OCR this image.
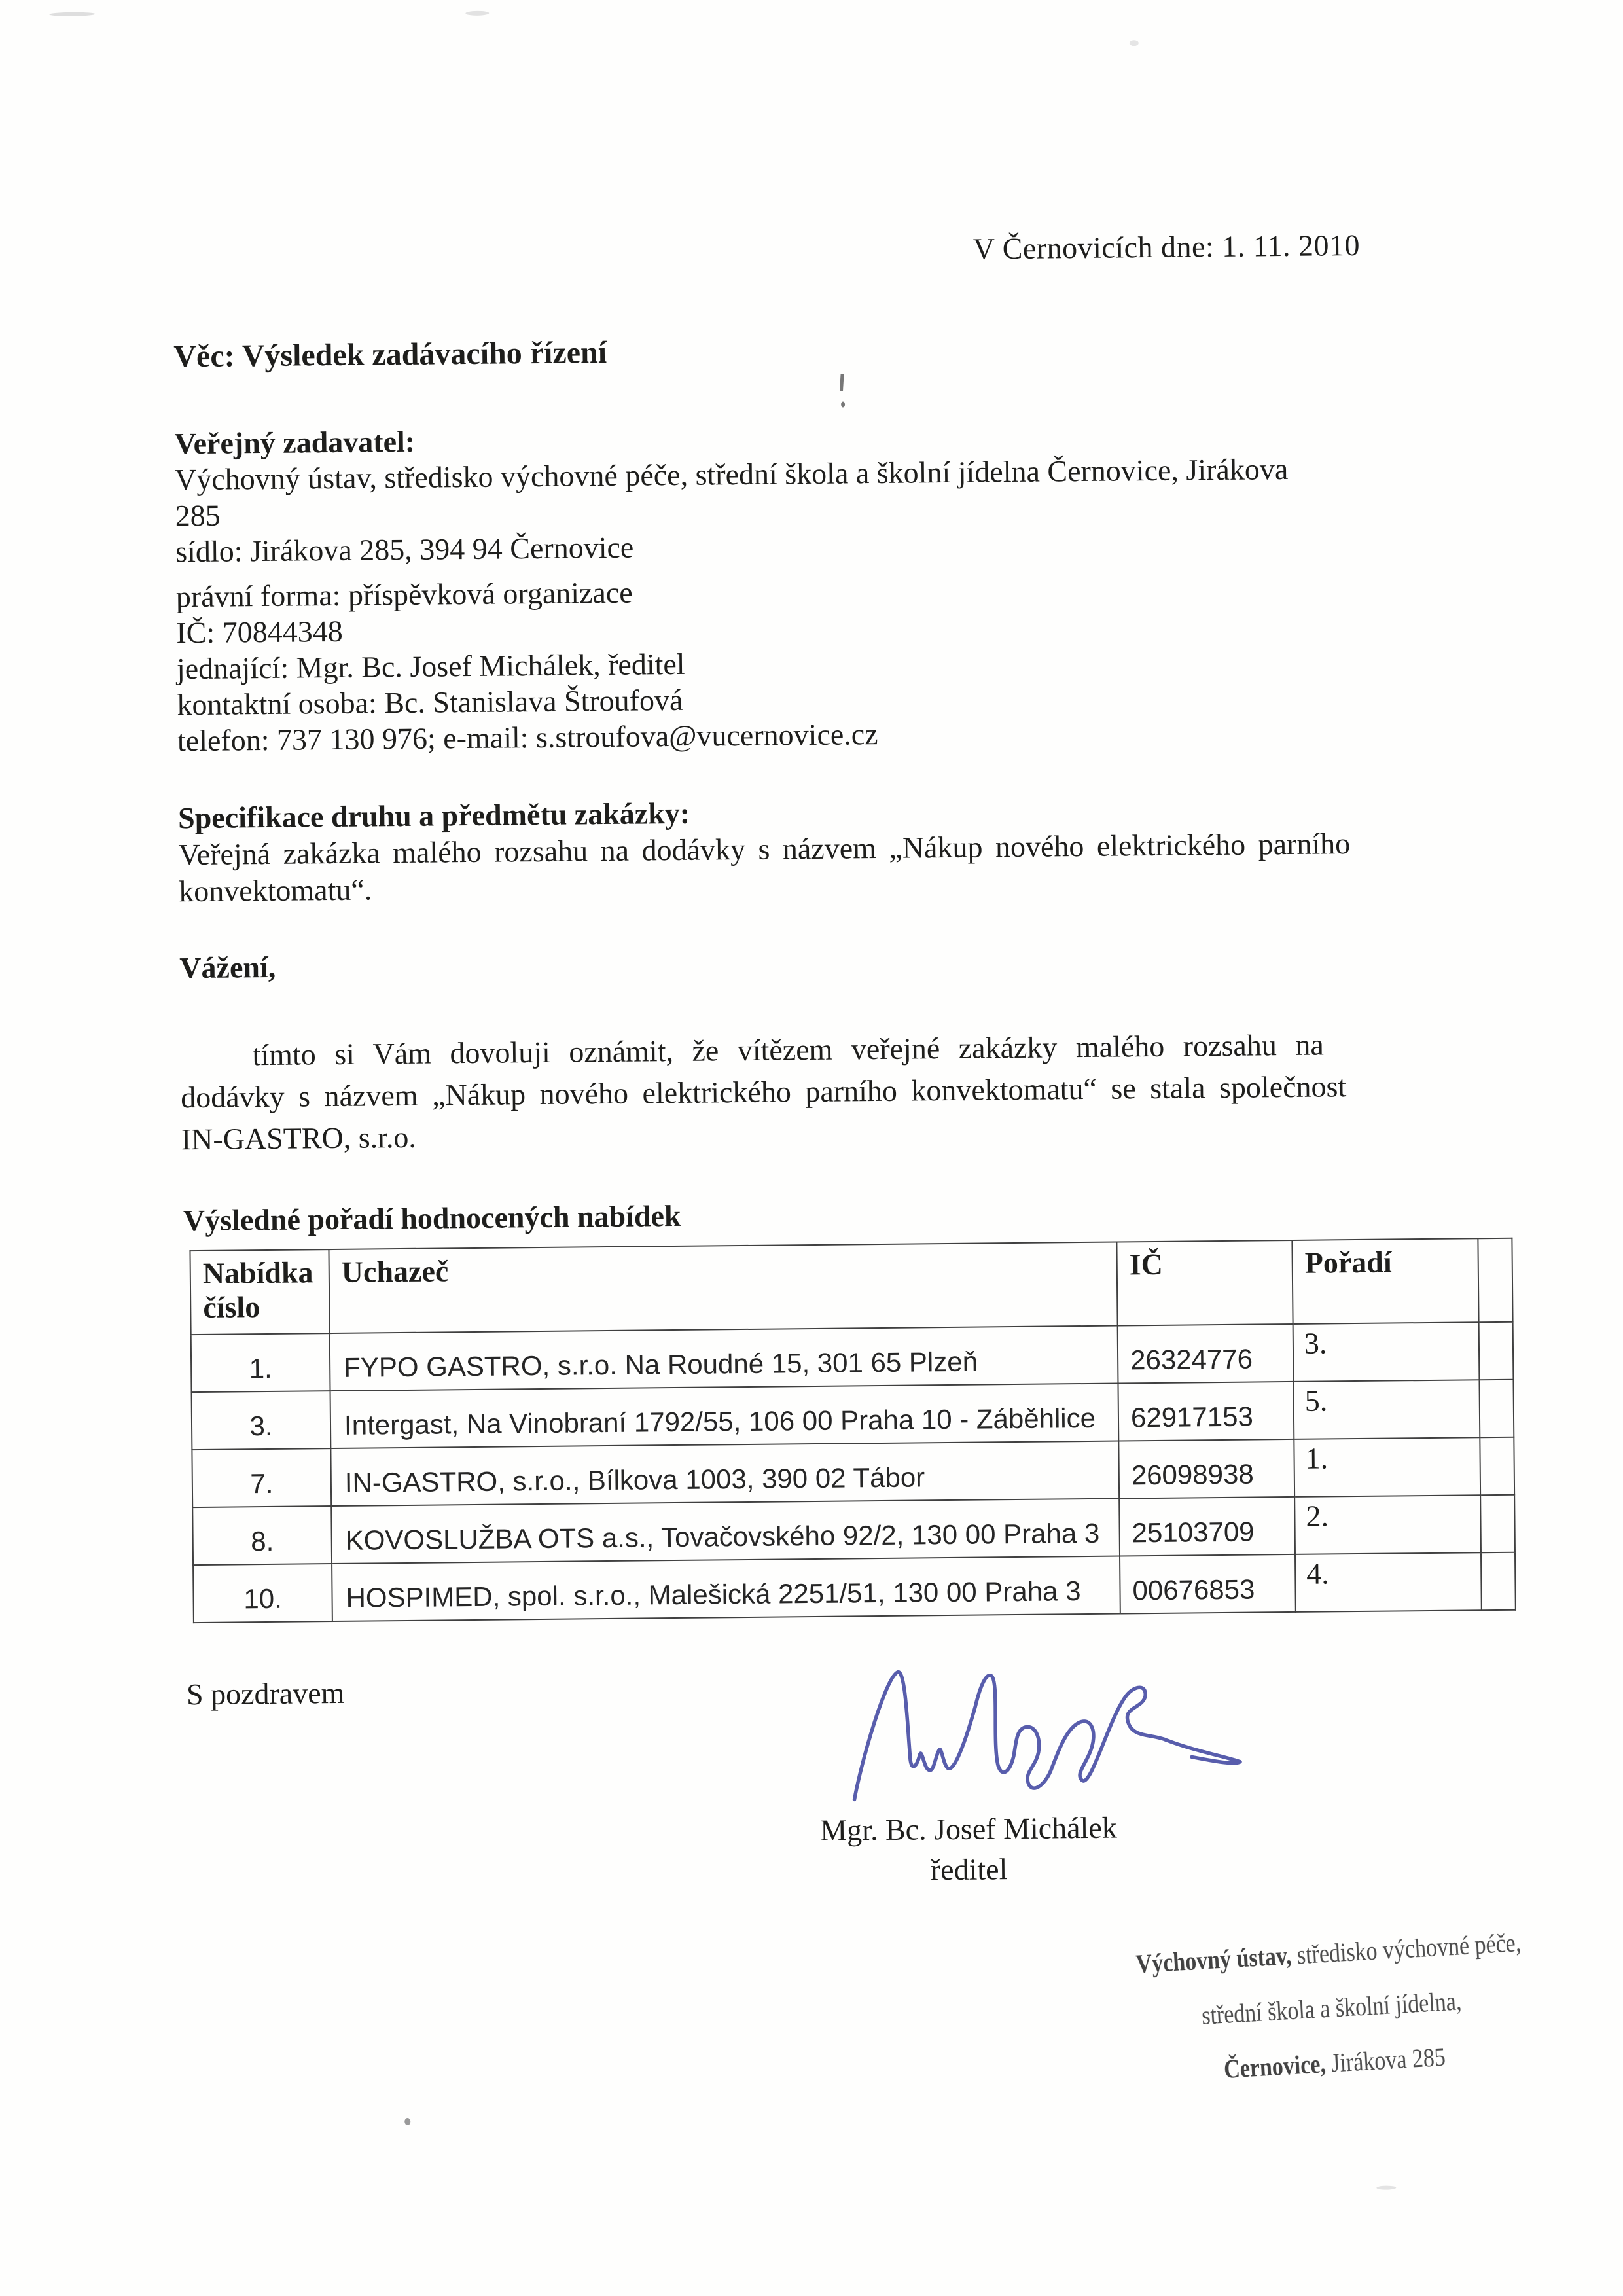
V Černovicích dne: 1. 11. 2010
Věc: Výsledek zadávacího řízení
Veřejný zadavatel:
Výchovný ústav, středisko výchovné péče, střední škola a školní jídelna Černovice, Jirákova
285
sídlo: Jirákova 285, 394 94 Černovice
právní forma: příspěvková organizace
IČ: 70844348
jednající: Mgr. Bc. Josef Michálek, ředitel
kontaktní osoba: Bc. Stanislava Štroufová
telefon: 737 130 976; e-mail: s.stroufova@vucernovice.cz
Specifikace druhu a předmětu zakázky:
Veřejná zakázka malého rozsahu na dodávky s názvem „Nákup nového elektrického parního
konvektomatu“.
Vážení,
tímto si Vám dovoluji oznámit, že vítězem veřejné zakázky malého rozsahu na
dodávky s názvem „Nákup nového elektrického parního konvektomatu“ se stala společnost
IN-GASTRO, s.r.o.
Výsledné pořadí hodnocených nabídek
Nabídka číslo	Uchazeč	IČ	Pořadí	
1.	FYPO GASTRO, s.r.o. Na Roudné 15, 301 65 Plzeň	26324776	3.	
3.	Intergast, Na Vinobraní 1792/55, 106 00 Praha 10 - Záběhlice	62917153	5.	
7.	IN-GASTRO, s.r.o., Bílkova 1003, 390 02 Tábor	26098938	1.	
8.	KOVOSLUŽBA OTS a.s., Tovačovského 92/2, 130 00 Praha 3	25103709	2.	
10.	HOSPIMED, spol. s.r.o., Malešická 2251/51, 130 00 Praha 3	00676853	4.	
S pozdravem
Mgr. Bc. Josef Michálek
ředitel
Výchovný ústav, středisko výchovné péče,
střední škola a školní jídelna,
Černovice, Jirákova 285
